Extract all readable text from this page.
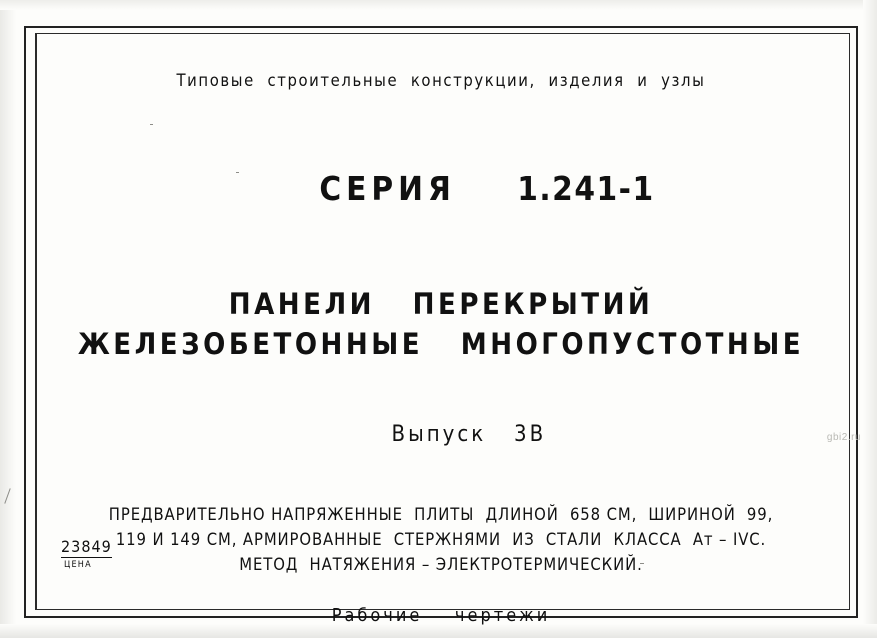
Типовые  строительные  конструкции,  изделия  и  узлы

СЕРИЯ 1.241-1

ПАНЕЛИ   ПЕРЕКРЫТИЙ
ЖЕЛЕЗОБЕТОННЫЕ   МНОГОПУСТОТНЫЕ

Выпуск 3В

ПРЕДВАРИТЕЛЬНО НАПРЯЖЕННЫЕ  ПЛИТЫ  ДЛИНОЙ  658 СМ,  ШИРИНОЙ  99,
119 И 149 СМ, АРМИРОВАННЫЕ  СТЕРЖНЯМИ  ИЗ  СТАЛИ  КЛАССА  Ат – IVС.
МЕТОД  НАТЯЖЕНИЯ – ЭЛЕКТРОТЕРМИЧЕСКИЙ.
Рабочие    чертежи
23849
ЦЕНА
gbi2.ru
